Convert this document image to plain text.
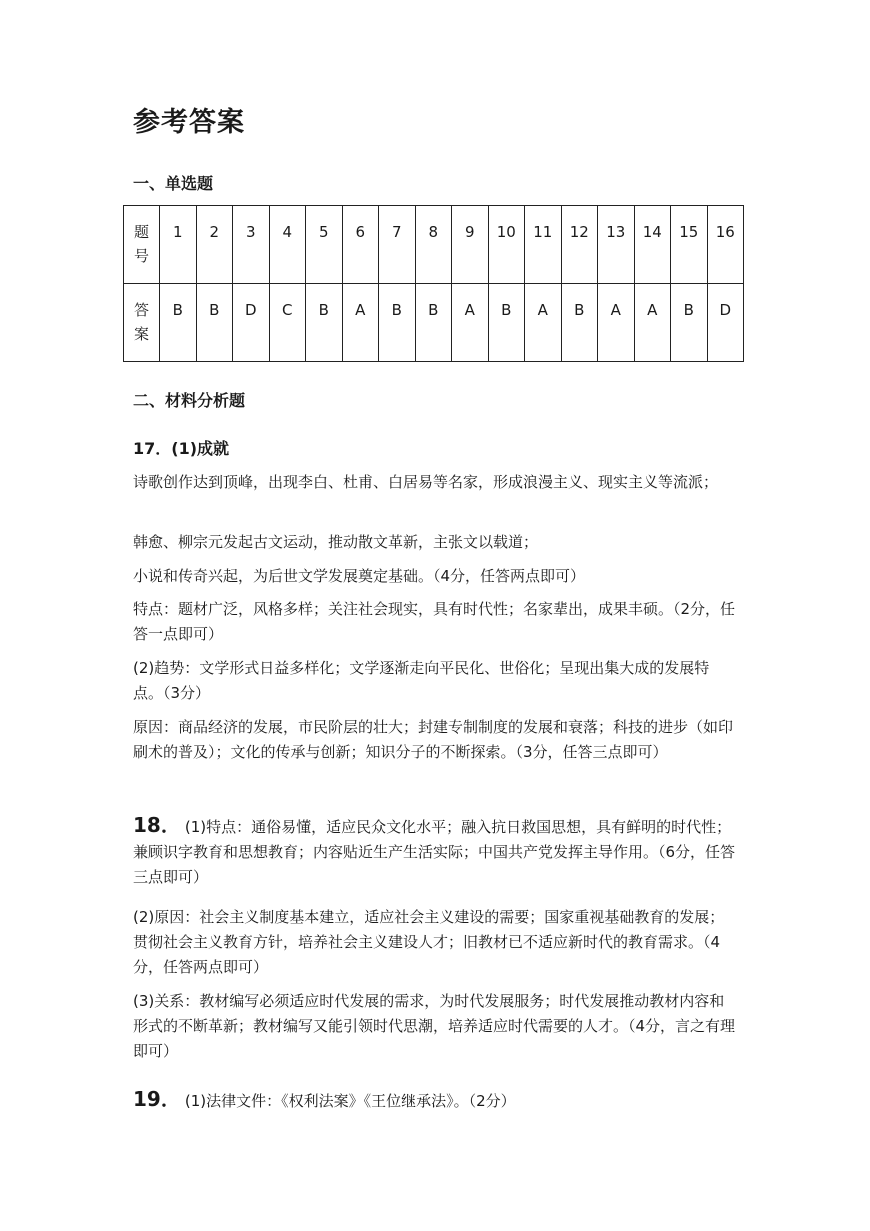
参考答案
一、单选题
题号	1	2	3	4	5	6	7	8	9	10	11	12	13	14	15	16

答案	B	B	D	C	B	A	B	B	A	B	A	B	A	A	B	D
二、材料分析题
17．(1)成就
诗歌创作达到顶峰，出现李白、杜甫、白居易等名家，形成浪漫主义、现实主义等流派；
韩愈、柳宗元发起古文运动，推动散文革新，主张文以载道；
小说和传奇兴起，为后世文学发展奠定基础。（4分，任答两点即可）
特点：题材广泛，风格多样；关注社会现实，具有时代性；名家辈出，成果丰硕。（2分，任答一点即可）
(2)趋势：文学形式日益多样化；文学逐渐走向平民化、世俗化；呈现出集大成的发展特点。（3分）
原因：商品经济的发展，市民阶层的壮大；封建专制制度的发展和衰落；科技的进步（如印刷术的普及）；文化的传承与创新；知识分子的不断探索。（3分，任答三点即可）
18． (1)特点：通俗易懂，适应民众文化水平；融入抗日救国思想，具有鲜明的时代性；兼顾识字教育和思想教育；内容贴近生产生活实际；中国共产党发挥主导作用。（6分，任答三点即可）
(2)原因：社会主义制度基本建立，适应社会主义建设的需要；国家重视基础教育的发展；贯彻社会主义教育方针，培养社会主义建设人才；旧教材已不适应新时代的教育需求。（4分，任答两点即可）
(3)关系：教材编写必须适应时代发展的需求，为时代发展服务；时代发展推动教材内容和形式的不断革新；教材编写又能引领时代思潮，培养适应时代需要的人才。（4分，言之有理即可）
19． (1)法律文件：《权利法案》《王位继承法》。（2分）
